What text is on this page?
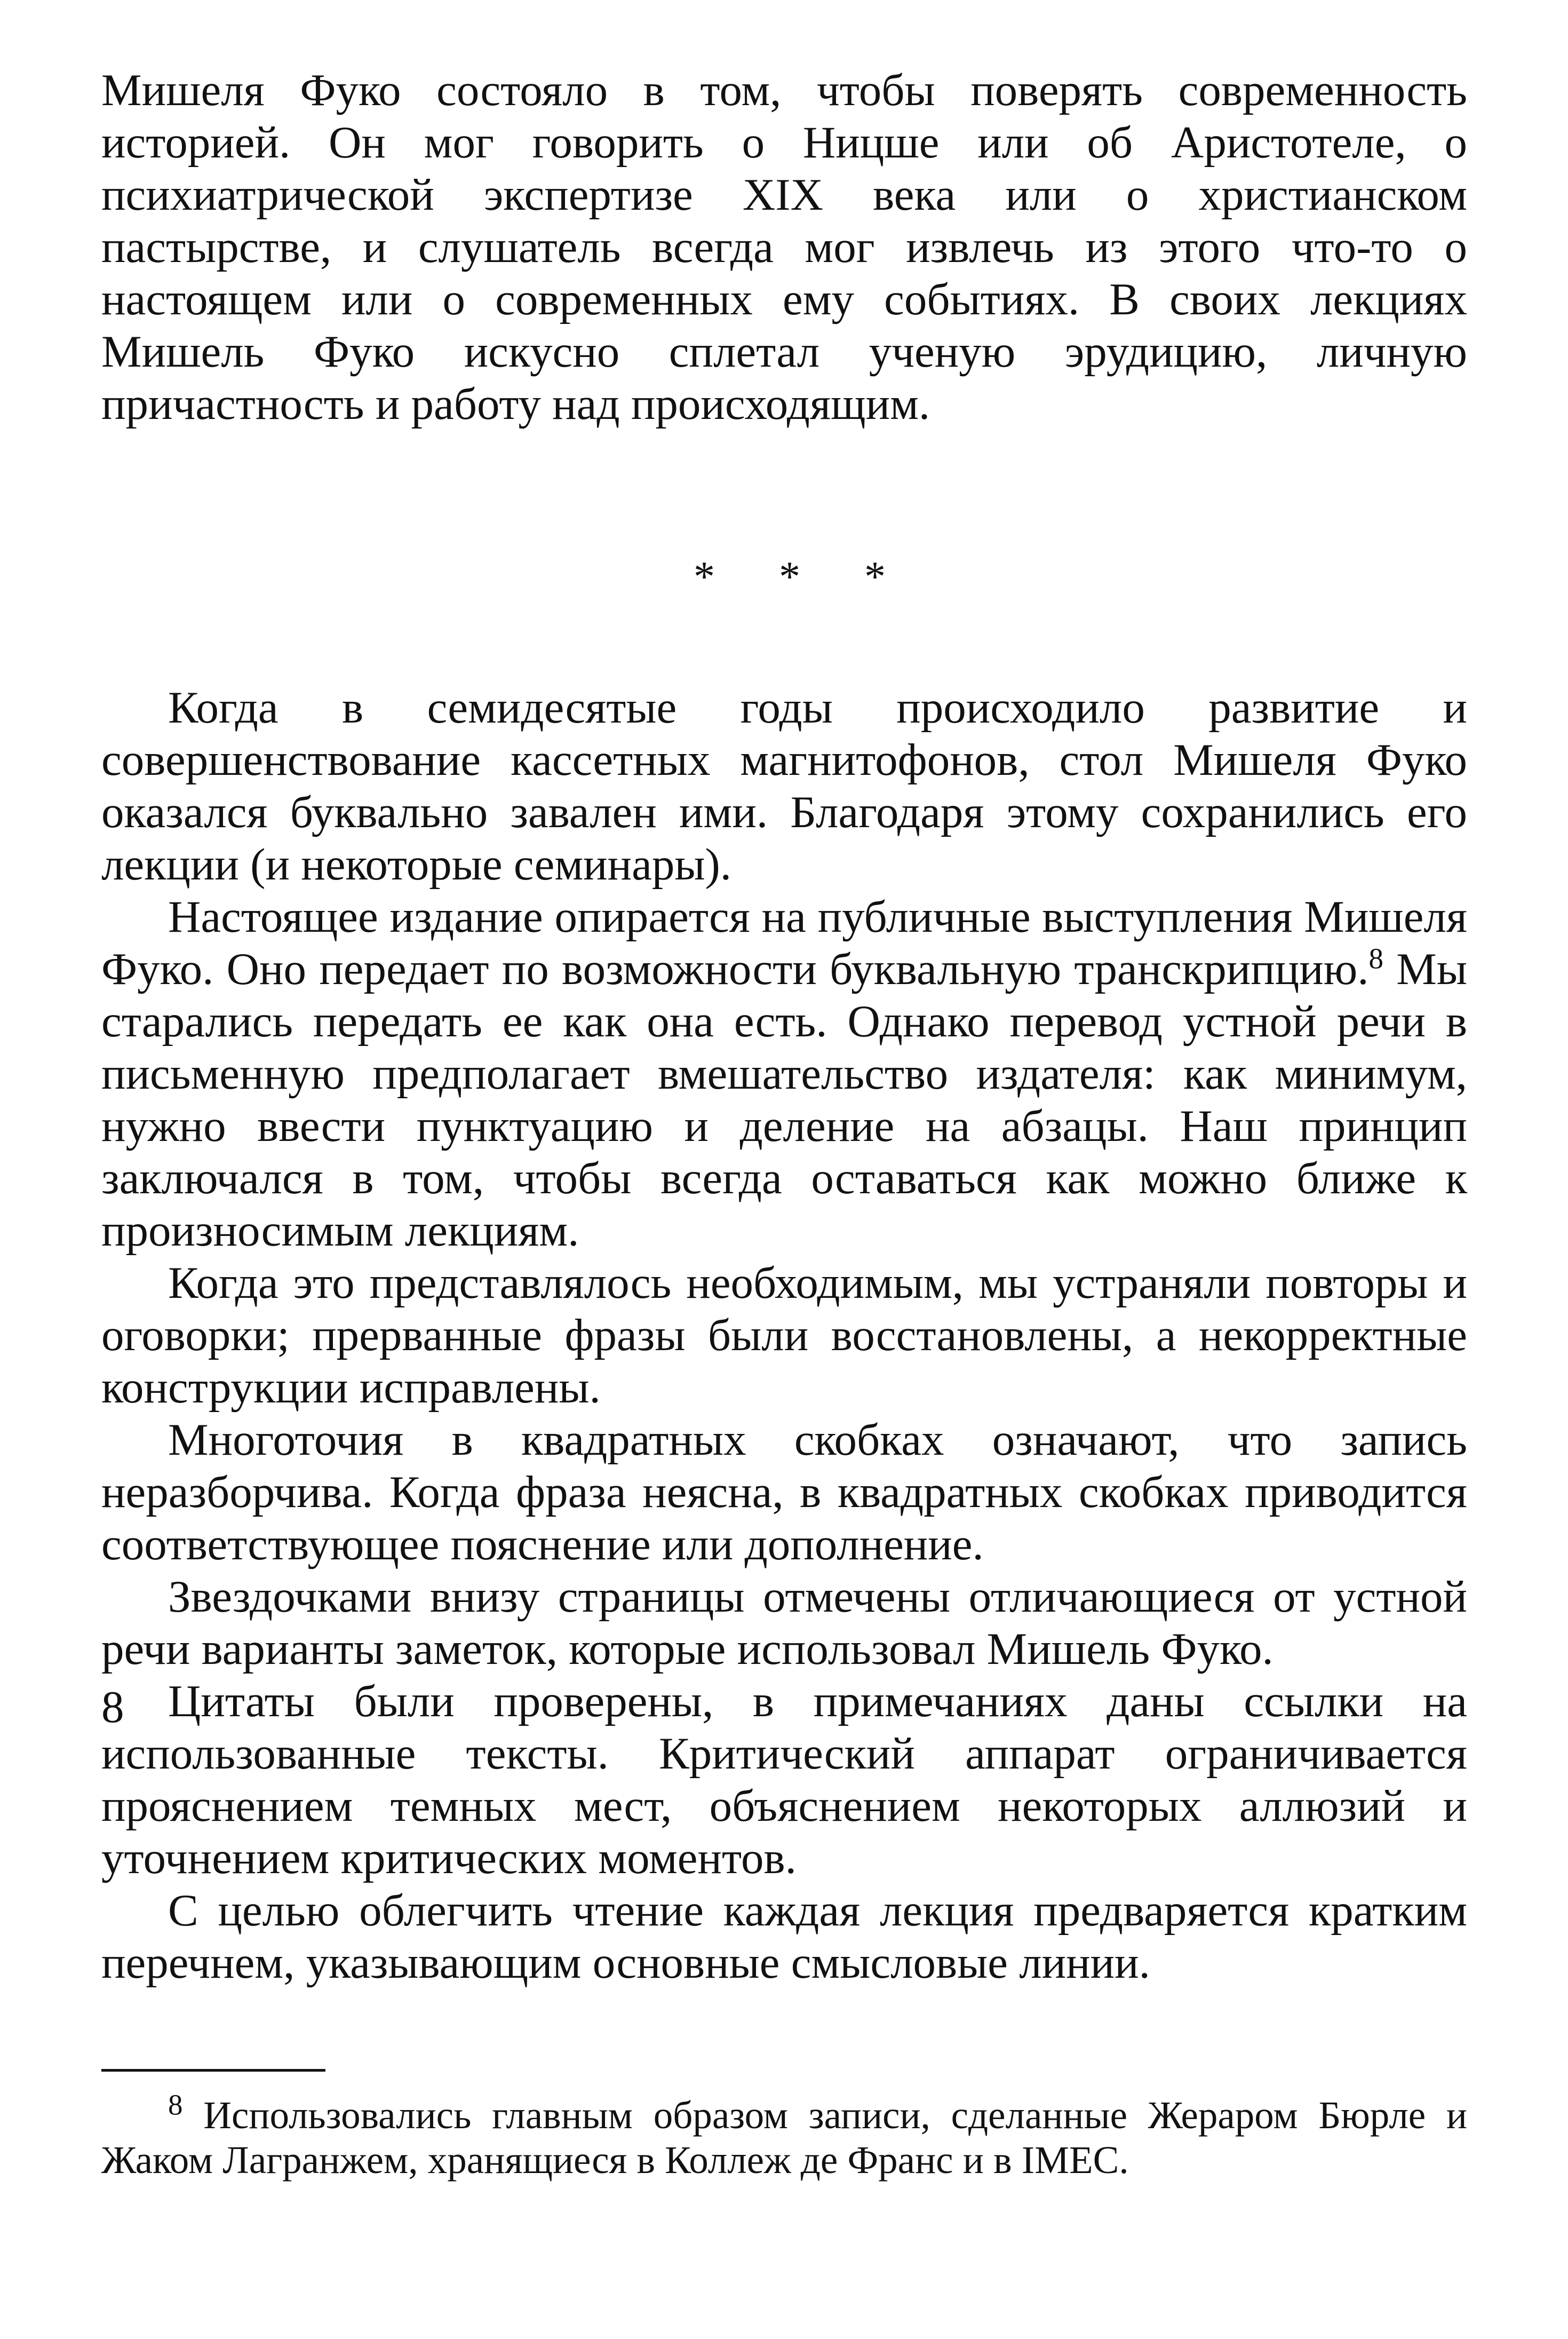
Мишеля Фуко состояло в том, чтобы поверять современность историей. Он мог говорить о Ницше или об Аристотеле, о психиатрической экспертизе XIX века или о христианском пастырстве, и слушатель всегда мог извлечь из этого что-то о настоящем или о современных ему событиях. В своих лекциях Мишель Фуко искусно сплетал ученую эрудицию, личную причастность и работу над происходящим.

* * *

Когда в семидесятые годы происходило развитие и совершенствование кассетных магнитофонов, стол Мишеля Фуко оказался буквально завален ими. Благодаря этому сохранились его лекции (и некоторые семинары).

Настоящее издание опирается на публичные выступления Мишеля Фуко. Оно передает по возможности буквальную транскрипцию.$^8$ Мы старались передать ее как она есть. Однако перевод устной речи в письменную предполагает вмешательство издателя: как минимум, нужно ввести пунктуацию и деление на абзацы. Наш принцип заключался в том, чтобы всегда оставаться как можно ближе к произносимым лекциям.

Когда это представлялось необходимым, мы устраняли повторы и оговорки; прерванные фразы были восстановлены, а некорректные конструкции исправлены.

Многоточия в квадратных скобках означают, что запись неразборчива. Когда фраза неясна, в квадратных скобках приводится соответствующее пояснение или дополнение.

Звездочками внизу страницы отмечены отличающиеся от устной речи варианты заметок, которые использовал Мишель Фуко.

Цитаты были проверены, в примечаниях даны ссылки на использованные тексты. Критический аппарат ограничивается прояснением темных мест, объяснением некоторых аллюзий и уточнением критических моментов.

С целью облегчить чтение каждая лекция предваряется кратким перечнем, указывающим основные смысловые линии.

$^8$ Использовались главным образом записи, сделанные Жераром Бюрле и Жаком Лагранжем, хранящиеся в Коллеж де Франс и в IMEC.

8
